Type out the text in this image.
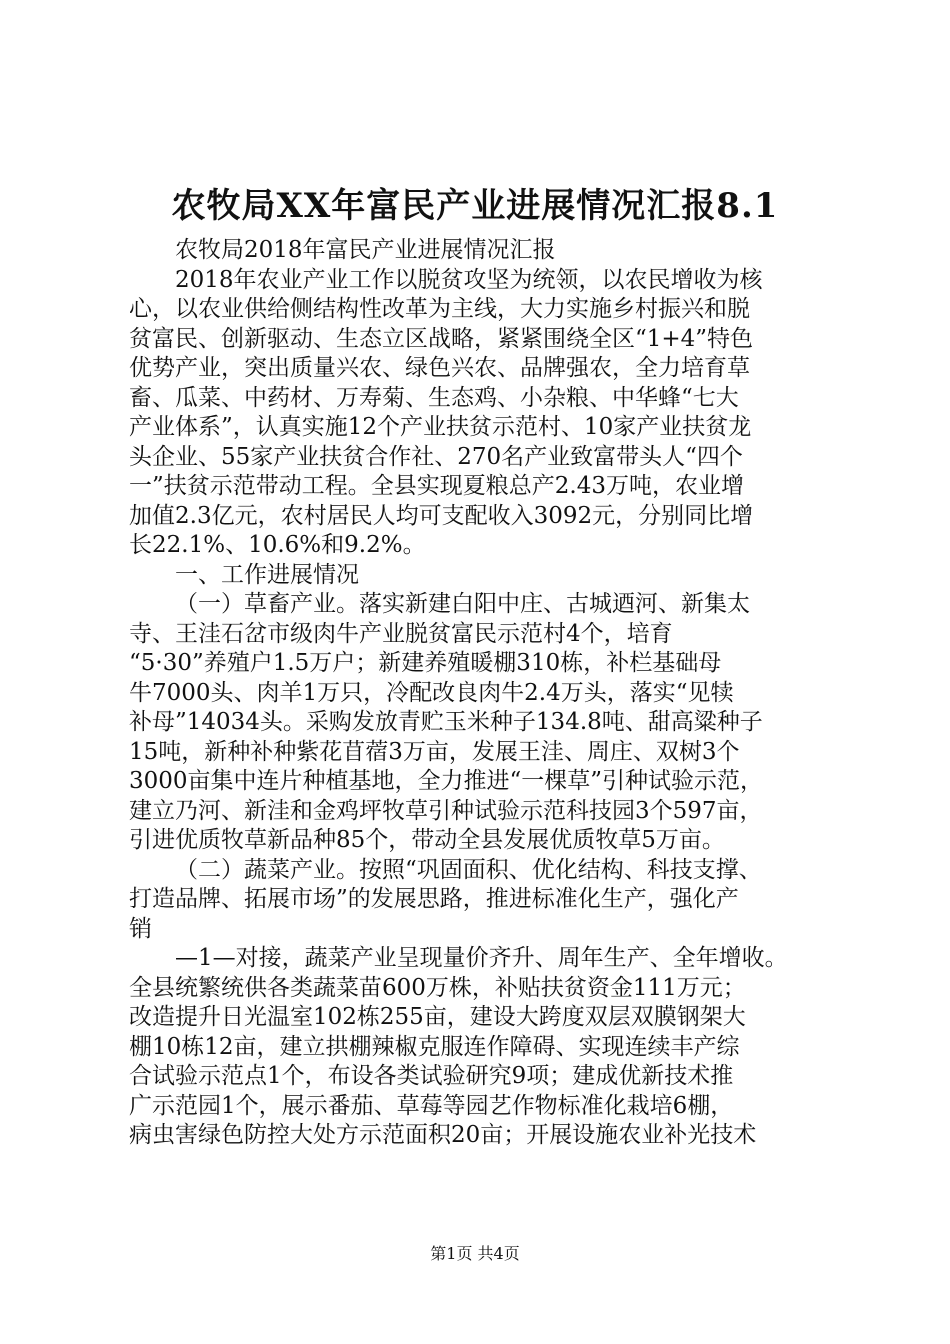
农牧局XX年富民产业进展情况汇报8.1
农牧局2018年富民产业进展情况汇报
2018年农业产业工作以脱贫攻坚为统领，以农民增收为核
心，以农业供给侧结构性改革为主线，大力实施乡村振兴和脱
贫富民、创新驱动、生态立区战略，紧紧围绕全区“1+4”特色
优势产业，突出质量兴农、绿色兴农、品牌强农，全力培育草
畜、瓜菜、中药材、万寿菊、生态鸡、小杂粮、中华蜂“七大
产业体系”，认真实施12个产业扶贫示范村、10家产业扶贫龙
头企业、55家产业扶贫合作社、270名产业致富带头人“四个
一”扶贫示范带动工程。全县实现夏粮总产2.43万吨，农业增
加值2.3亿元，农村居民人均可支配收入3092元，分别同比增
长22.1%、10.6%和9.2%。
一、工作进展情况
（一）草畜产业。落实新建白阳中庄、古城迺河、新集太
寺、王洼石岔市级肉牛产业脱贫富民示范村4个，培育
“5·30”养殖户1.5万户；新建养殖暖棚310栋，补栏基础母
牛7000头、肉羊1万只，冷配改良肉牛2.4万头，落实“见犊
补母”14034头。采购发放青贮玉米种子134.8吨、甜高粱种子
15吨，新种补种紫花苜蓿3万亩，发展王洼、周庄、双树3个
3000亩集中连片种植基地，全力推进“一棵草”引种试验示范，
建立乃河、新洼和金鸡坪牧草引种试验示范科技园3个597亩，
引进优质牧草新品种85个，带动全县发展优质牧草5万亩。
（二）蔬菜产业。按照“巩固面积、优化结构、科技支撑、
打造品牌、拓展市场”的发展思路，推进标准化生产，强化产
销
—1—对接，蔬菜产业呈现量价齐升、周年生产、全年增收。
全县统繁统供各类蔬菜苗600万株，补贴扶贫资金111万元；
改造提升日光温室102栋255亩，建设大跨度双层双膜钢架大
棚10栋12亩，建立拱棚辣椒克服连作障碍、实现连续丰产综
合试验示范点1个，布设各类试验研究9项；建成优新技术推
广示范园1个，展示番茄、草莓等园艺作物标准化栽培6棚，
病虫害绿色防控大处方示范面积20亩；开展设施农业补光技术
第1页 共4页
